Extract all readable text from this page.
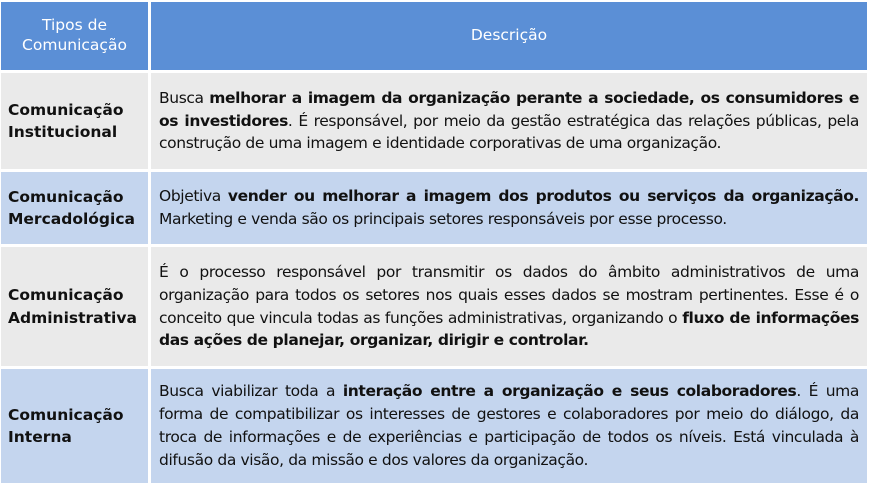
Tipos de
Comunicação	Descrição
Comunicação
Institucional	Busca melhorar a imagem da organização perante a sociedade, os consumidores e os investidores. É responsável, por meio da gestão estratégica das relações públicas, pela construção de uma imagem e identidade corporativas de uma organização.
Comunicação
Mercadológica	Objetiva vender ou melhorar a imagem dos produtos ou serviços da organização. Marketing e venda são os principais setores responsáveis por esse processo.
Comunicação
Administrativa	É o processo responsável por transmitir os dados do âmbito administrativos de uma organização para todos os setores nos quais esses dados se mostram pertinentes. Esse é o conceito que vincula todas as funções administrativas, organizando o fluxo de informações das ações de planejar, organizar, dirigir e controlar.
Comunicação
Interna	Busca viabilizar toda a interação entre a organização e seus colaboradores. É uma forma de compatibilizar os interesses de gestores e colaboradores por meio do diálogo, da troca de informações e de experiências e participação de todos os níveis. Está vinculada à difusão da visão, da missão e dos valores da organização.
